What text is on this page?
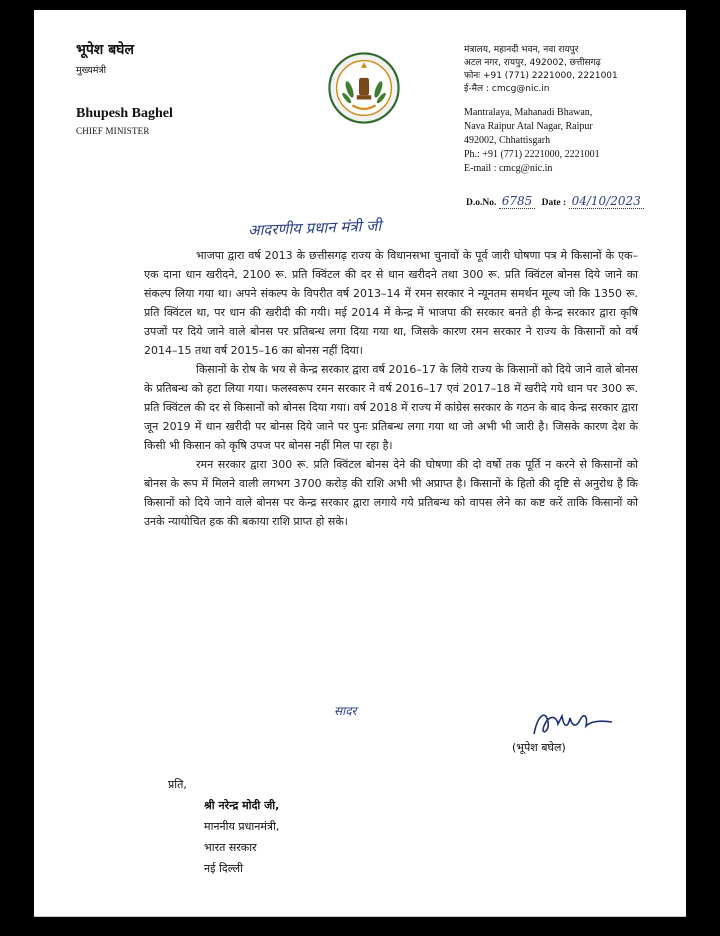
भूपेश बघेल
मुख्यमंत्री
Bhupesh Baghel
CHIEF MINISTER
मंत्रालय, महानदी भवन, नवा रायपुर
अटल नगर, रायपुर, 492002, छत्तीसगढ़
फोनः +91 (771) 2221000, 2221001
ई-मैल : cmcg@nic.in
Mantralaya, Mahanadi Bhawan,
Nava Raipur Atal Nagar, Raipur
492002, Chhattisgarh
Ph.: +91 (771) 2221000, 2221001
E-mail : cmcg@nic.in
D.o.No. 6785 Date : 04/10/2023
आदरणीय प्रधान मंत्री जी

भाजपा द्वारा वर्ष 2013 के छत्तीसगढ़ राज्य के विधानसभा चुनावों के पूर्व जारी घोषणा पत्र मे किसानों के एक–एक दाना धान खरीदने, 2100 रू. प्रति क्विंटल की दर से धान खरीदने तथा 300 रू. प्रति क्विंटल बोनस दिये जाने का संकल्प लिया गया था। अपने संकल्प के विपरीत वर्ष 2013–14 में रमन सरकार ने न्यूनतम समर्थन मूल्य जो कि 1350 रू. प्रति क्विंटल था, पर धान की खरीदी की गयी। मई 2014 में केन्द्र में भाजपा की सरकार बनते ही केन्द्र सरकार द्वारा कृषि उपजों पर दिये जाने वाले बोनस पर प्रतिबन्ध लगा दिया गया था, जिसके कारण रमन सरकार ने राज्य के किसानों को वर्ष 2014–15 तथा वर्ष 2015–16 का बोनस नहीं दिया।

किसानों के रोष के भय से केन्द्र सरकार द्वारा वर्ष 2016–17 के लिये राज्य के किसानों को दिये जाने वाले बोनस के प्रतिबन्ध को हटा लिया गया। फलस्वरूप रमन सरकार ने वर्ष 2016–17 एवं 2017–18 में खरीदे गये धान पर 300 रू. प्रति क्विंटल की दर से किसानों को बोनस दिया गया। वर्ष 2018 में राज्य में कांग्रेस सरकार के गठन के बाद केन्द्र सरकार द्वारा जून 2019 में धान खरीदी पर बोनस दिये जाने पर पुनः प्रतिबन्ध लगा गया था जो अभी भी जारी है। जिसके कारण देश के किसी भी किसान को कृषि उपज पर बोनस नहीं मिल पा रहा है।

रमन सरकार द्वारा 300 रू. प्रति क्विंटल बोनस देने की घोषणा की दो वर्षो तक पूर्ति न करने से किसानों को बोनस के रूप में मिलने वाली लगभग 3700 करोड़ की राशि अभी भी अप्राप्त है। किसानों के हितो की दृष्टि से अनुरोध है कि किसानों को दिये जाने वाले बोनस पर केन्द्र सरकार द्वारा लगाये गये प्रतिबन्ध को वापस लेने का कष्ट करें ताकि किसानों को उनके न्यायोचित हक की बकाया राशि प्राप्त हो सके।

सादर
(भूपेश बघेल)
प्रति,
श्री नरेन्द्र मोदी जी,
माननीय प्रधानमंत्री,
भारत सरकार
नई दिल्ली
